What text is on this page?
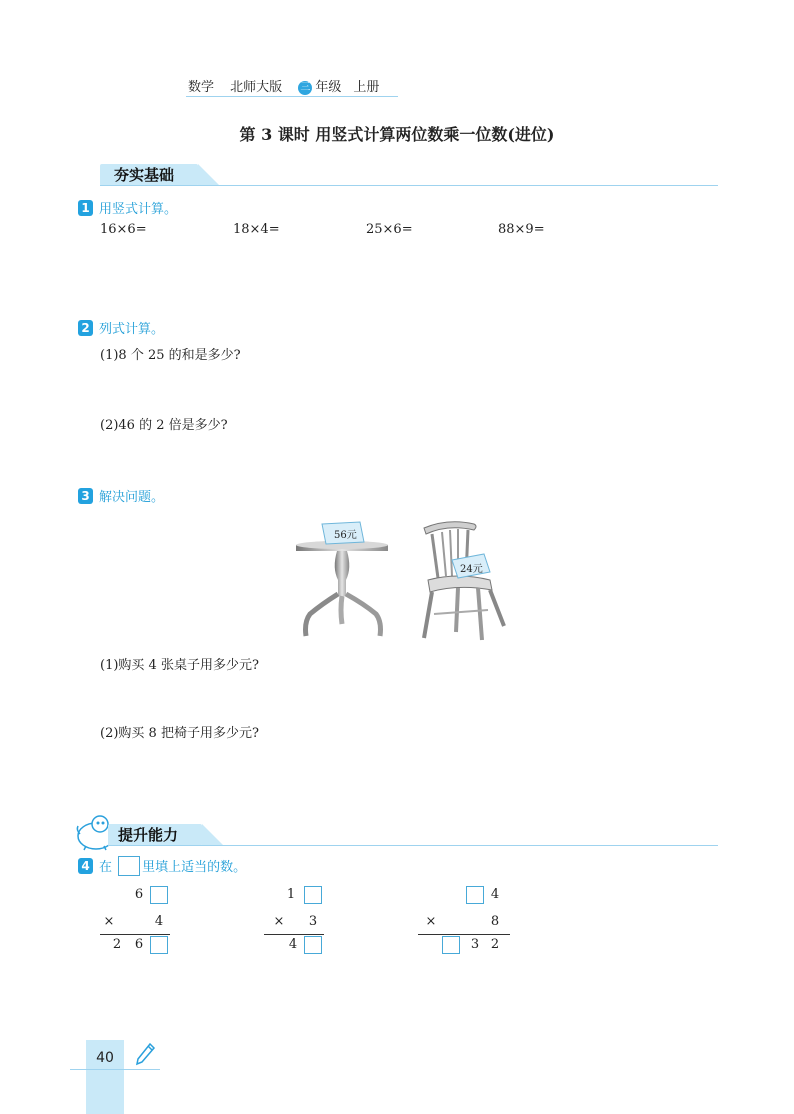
数学 北师大版 三 年级 上册
第 3 课时 用竖式计算两位数乘一位数(进位)
夯实基础
1 用竖式计算。
16×6=	18×4=	25×6=	88×9=
2 列式计算。
(1)8 个 25 的和是多少?
(2)46 的 2 倍是多少?
3 解决问题。
56元
24元
(1)购买 4 张桌子用多少元?
(2)购买 8 把椅子用多少元?
提升能力
4 在 里填上适当的数。
6
×	4
2	6
1
×	3
4
4
×	8
3 2
40
